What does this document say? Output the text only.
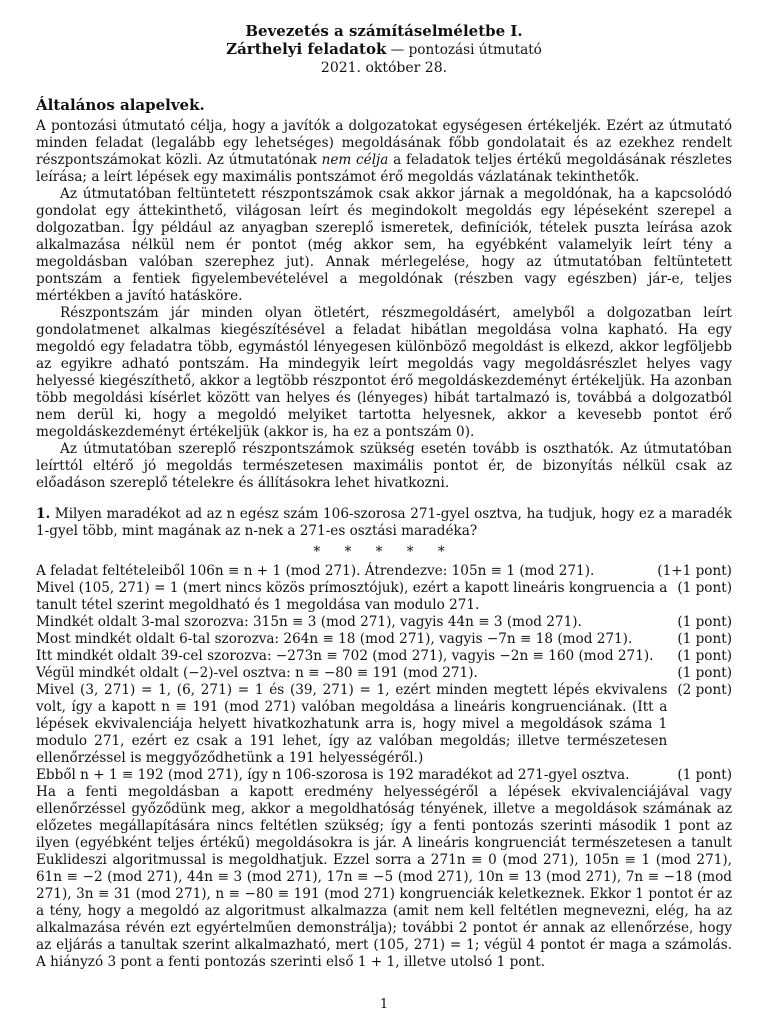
Bevezetés a számításelméletbe I.
Zárthelyi feladatok — pontozási útmutató
2021. október 28.
Általános alapelvek.

A pontozási útmutató célja, hogy a javítók a dolgozatokat egységesen értékeljék. Ezért az útmutató minden feladat (legalább egy lehetséges) megoldásának főbb gondolatait és az ezekhez rendelt részpontszámokat közli. Az útmutatónak nem célja a feladatok teljes értékű megoldásának részletes leírása; a leírt lépések egy maximális pontszámot érő megoldás vázlatának tekinthetők.

Az útmutatóban feltüntetett részpontszámok csak akkor járnak a megoldónak, ha a kapcsolódó gondolat egy áttekinthető, világosan leírt és megindokolt megoldás egy lépéseként szerepel a dolgozatban. Így például az anyagban szereplő ismeretek, definíciók, tételek puszta leírása azok alkalmazása nélkül nem ér pontot (még akkor sem, ha egyébként valamelyik leírt tény a megoldásban valóban szerephez jut). Annak mérlegelése, hogy az útmutatóban feltüntetett pontszám a fentiek figyelembevételével a megoldónak (részben vagy egészben) jár-e, teljes mértékben a javító hatásköre.

Részpontszám jár minden olyan ötletért, részmegoldásért, amelyből a dolgozatban leírt gondolatmenet alkalmas kiegészítésével a feladat hibátlan megoldása volna kapható. Ha egy megoldó egy feladatra több, egymástól lényegesen különböző megoldást is elkezd, akkor legföljebb az egyikre adható pontszám. Ha mindegyik leírt megoldás vagy megoldásrészlet helyes vagy helyessé kiegészíthető, akkor a legtöbb részpontot érő megoldáskezdeményt értékeljük. Ha azonban több megoldási kísérlet között van helyes és (lényeges) hibát tartalmazó is, továbbá a dolgozatból nem derül ki, hogy a megoldó melyiket tartotta helyesnek, akkor a kevesebb pontot érő megoldáskezdeményt értékeljük (akkor is, ha ez a pontszám 0).

Az útmutatóban szereplő részpontszámok szükség esetén tovább is oszthatók. Az útmutatóban leírttól eltérő jó megoldás természetesen maximális pontot ér, de bizonyítás nélkül csak az előadáson szereplő tételekre és állításokra lehet hivatkozni.

1. Milyen maradékot ad az n egész szám 106-szorosa 271-gyel osztva, ha tudjuk, hogy ez a maradék 1-gyel több, mint magának az n-nek a 271-es osztási maradéka?
* * * * *
A feladat feltételeiből 106n ≡ n + 1 (mod 271). Átrendezve: 105n ≡ 1 (mod 271).	(1+1 pont)
Mivel (105, 271) = 1 (mert nincs közös prímosztójuk), ezért a kapott lineáris kongruencia a tanult tétel szerint megoldható és 1 megoldása van modulo 271.
(1 pont)
Mindkét oldalt 3-mal szorozva: 315n ≡ 3 (mod 271), vagyis 44n ≡ 3 (mod 271).	(1 pont)
Most mindkét oldalt 6-tal szorozva: 264n ≡ 18 (mod 271), vagyis −7n ≡ 18 (mod 271).	(1 pont)
Itt mindkét oldalt 39-cel szorozva: −273n ≡ 702 (mod 271), vagyis −2n ≡ 160 (mod 271).	(1 pont)
Végül mindkét oldalt (−2)-vel osztva: n ≡ −80 ≡ 191 (mod 271).	(1 pont)
Mivel (3, 271) = 1, (6, 271) = 1 és (39, 271) = 1, ezért minden megtett lépés ekvivalens volt, így a kapott n ≡ 191 (mod 271) valóban megoldása a lineáris kongruenciának. (Itt a lépések ekvivalenciája helyett hivatkozhatunk arra is, hogy mivel a megoldások száma 1 modulo 271, ezért ez csak a 191 lehet, így az valóban megoldás; illetve természetesen ellenőrzéssel is meggyőződhetünk a 191 helyességéről.)
(2 pont)
Ebből n + 1 ≡ 192 (mod 271), így n 106-szorosa is 192 maradékot ad 271-gyel osztva.	(1 pont)

Ha a fenti megoldásban a kapott eredmény helyességéről a lépések ekvivalenciájával vagy ellenőrzéssel győződünk meg, akkor a megoldhatóság tényének, illetve a megoldások számának az előzetes megállapítására nincs feltétlen szükség; így a fenti pontozás szerinti második 1 pont az ilyen (egyébként teljes értékű) megoldásokra is jár. A lineáris kongruenciát természetesen a tanult Euklideszi algoritmussal is megoldhatjuk. Ezzel sorra a 271n ≡ 0 (mod 271), 105n ≡ 1 (mod 271), 61n ≡ −2 (mod 271), 44n ≡ 3 (mod 271), 17n ≡ −5 (mod 271), 10n ≡ 13 (mod 271), 7n ≡ −18 (mod 271), 3n ≡ 31 (mod 271), n ≡ −80 ≡ 191 (mod 271) kongruenciák keletkeznek. Ekkor 1 pontot ér az a tény, hogy a megoldó az algoritmust alkalmazza (amit nem kell feltétlen megnevezni, elég, ha az alkalmazása révén ezt egyértelműen demonstrálja); további 2 pontot ér annak az ellenőrzése, hogy az eljárás a tanultak szerint alkalmazható, mert (105, 271) = 1; végül 4 pontot ér maga a számolás. A hiányzó 3 pont a fenti pontozás szerinti első 1 + 1, illetve utolsó 1 pont.

1
